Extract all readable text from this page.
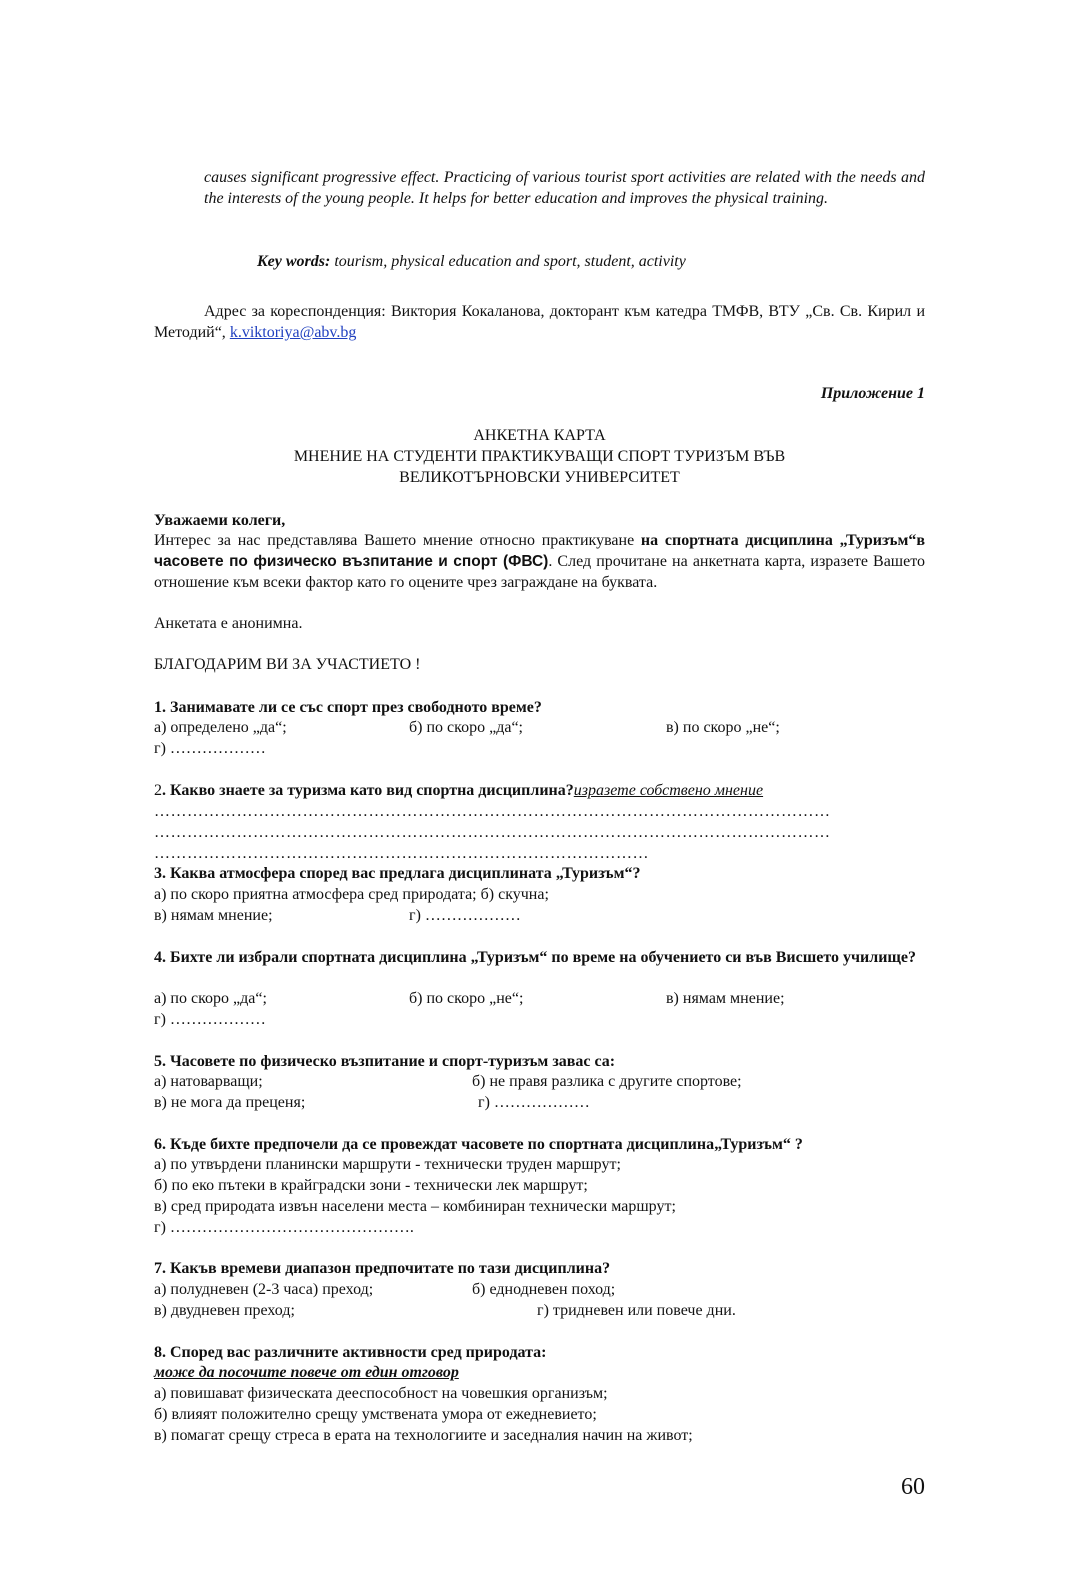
causes significant progressive effect. Practicing of various tourist sport activities are related with the needs and the interests of the young people. It helps for better education and improves the physical training.
Key words: tourism, physical education and sport, student, activity
Адрес за кореспонденция: Виктория Кокаланова, докторант към катедра ТМФВ, ВТУ „Св. Св. Кирил и Методий“, k.viktoriya@abv.bg
Приложение 1
АНКЕТНА КАРТА
МНЕНИЕ НА СТУДЕНТИ ПРАКТИКУВАЩИ СПОРТ ТУРИЗЪМ ВЪВ
ВЕЛИКОТЪРНОВСКИ УНИВЕРСИТЕТ
Уважаеми колеги,
Интерес за нас представлява Вашето мнение относно практикуване на спортната дисциплина „Туризъм“в часовете по физическо възпитание и спорт (ФВС). След прочитане на анкетната карта, изразете Вашето отношение към всеки фактор като го оцените чрез заграждане на буквата.
Анкетата е анонимна.
БЛАГОДАРИМ ВИ ЗА УЧАСТИЕТО !
1. Занимавате ли се със спорт през свободното време?
а) определено „да“;	б) по скоро „да“;	в) по скоро „не“;
г) ………………
2. Какво знаете за туризма като вид спортна дисциплина?изразете собствено мнение
……………………………………………………………………………………………………………
……………………………………………………………………………………………………………
………………………………………………………………………………
3. Каква атмосфера според вас предлага дисциплината „Туризъм“?
а) по скоро приятна атмосфера сред природата; б) скучна;
в) нямам мнение;	г) ………………
4. Бихте ли избрали спортната дисциплина „Туризъм“ по време на обучението си във Висшето училище?
а) по скоро „да“;	б) по скоро „не“;	в) нямам мнение;
г) ………………
5. Часовете по физическо възпитание и спорт-туризъм завас са:
а) натоварващи;	б) не правя разлика с другите спортове;
в) не мога да преценя;	г) ………………
6. Къде бихте предпочели да се провеждат часовете по спортната дисциплина„Туризъм“ ?
а) по утвърдени планински маршрути - технически труден маршрут;
б) по еко пътеки в крайградски зони - технически лек маршрут;
в) сред природата извън населени места – комбиниран технически маршрут;
г) ……………………………………….
7. Какъв времеви диапазон предпочитате по тази дисциплина?
а) полудневен (2-3 часа) преход;	б) еднодневен поход;
в) двудневен преход;	г) тридневен или повече дни.
8. Според вас различните активности сред природата:
може да посочите повече от един отговор
а) повишават физическата дееспособност на човешкия организъм;
б) влияят положително срещу умствената умора от ежедневието;
в) помагат срещу стреса в ерата на технологиите и заседналия начин на живот;
60
